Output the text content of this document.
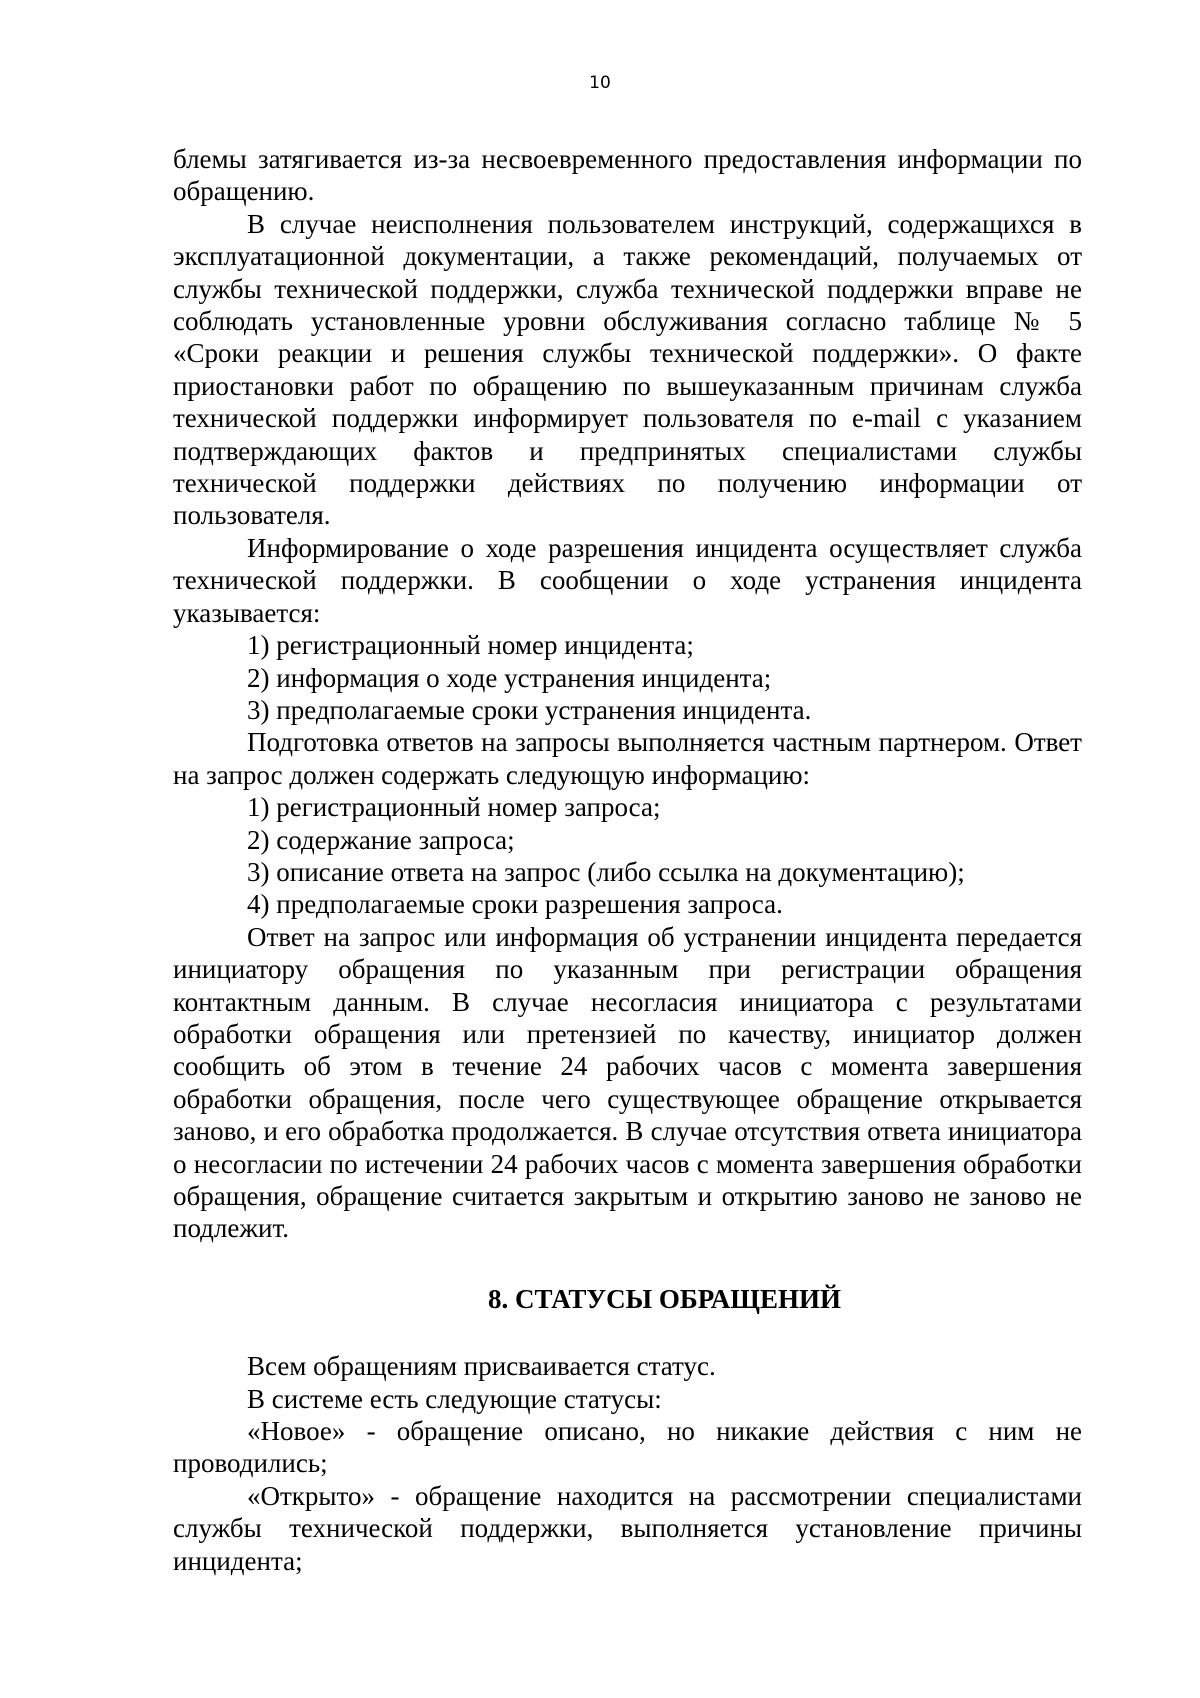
10

блемы затягивается из-за несвоевременного предоставления информации по обращению.

В случае неисполнения пользователем инструкций, содержащихся в эксплуатационной документации, а также рекомендаций, получаемых от службы технической поддержки, служба технической поддержки вправе не соблюдать установленные уровни обслуживания согласно таблице № 5 «Сроки реакции и решения службы технической поддержки». О факте приостановки работ по обращению по вышеуказанным причинам служба технической поддержки информирует пользователя по e-mail с указанием подтверждающих фактов и предпринятых специалистами службы технической поддержки действиях по получению информации от пользователя.

Информирование о ходе разрешения инцидента осуществляет служба технической поддержки. В сообщении о ходе устранения инцидента указывается:

1) регистрационный номер инцидента;

2) информация о ходе устранения инцидента;

3) предполагаемые сроки устранения инцидента.

Подготовка ответов на запросы выполняется частным партнером. Ответ на запрос должен содержать следующую информацию:

1) регистрационный номер запроса;

2) содержание запроса;

3) описание ответа на запрос (либо ссылка на документацию);

4) предполагаемые сроки разрешения запроса.

Ответ на запрос или информация об устранении инцидента передается инициатору обращения по указанным при регистрации обращения контактным данным. В случае несогласия инициатора с результатами обработки обращения или претензией по качеству, инициатор должен сообщить об этом в течение 24 рабочих часов с момента завершения обработки обращения, после чего существующее обращение открывается заново, и его обработка продолжается. В случае отсутствия ответа инициатора о несогласии по истечении 24 рабочих часов с момента завершения обработки обращения, обращение считается закрытым и открытию заново не заново не подлежит.

8. СТАТУСЫ ОБРАЩЕНИЙ

Всем обращениям присваивается статус.

В системе есть следующие статусы:

«Новое» - обращение описано, но никакие действия с ним не проводились;

«Открыто» - обращение находится на рассмотрении специалистами службы технической поддержки, выполняется установление причины инцидента;
